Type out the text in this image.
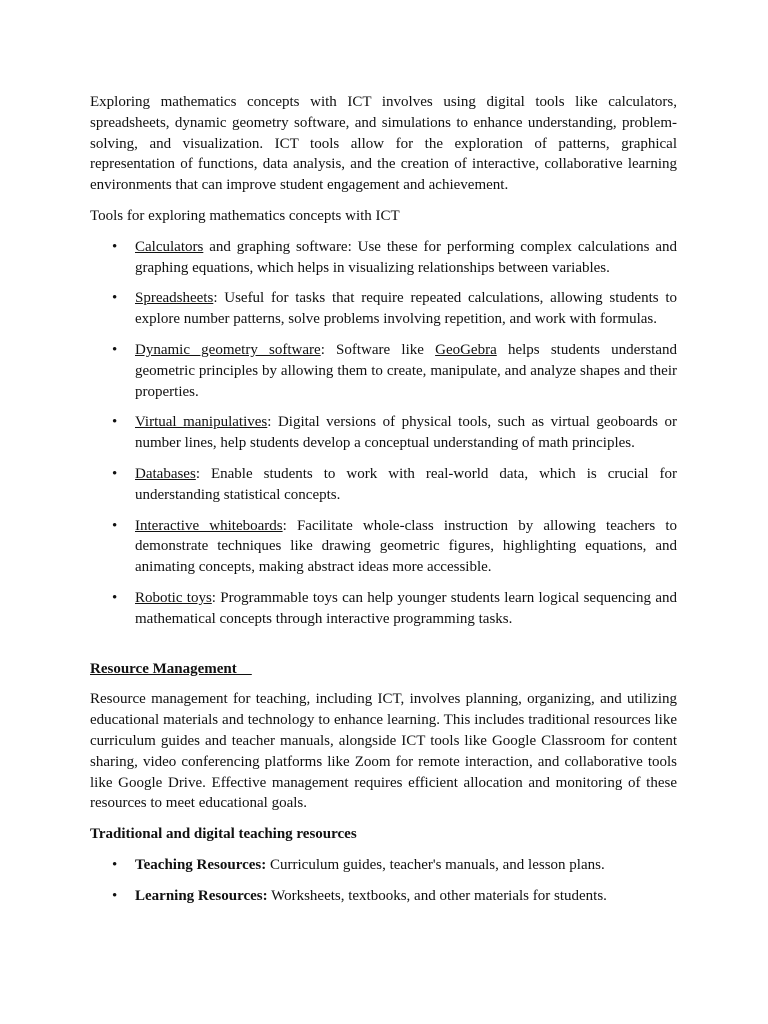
Exploring mathematics concepts with ICT involves using digital tools like calculators, spreadsheets, dynamic geometry software, and simulations to enhance understanding, problem-solving, and visualization. ICT tools allow for the exploration of patterns, graphical representation of functions, data analysis, and the creation of interactive, collaborative learning environments that can improve student engagement and achievement.

Tools for exploring mathematics concepts with ICT

• Calculators and graphing software: Use these for performing complex calculations and graphing equations, which helps in visualizing relationships between variables.
• Spreadsheets: Useful for tasks that require repeated calculations, allowing students to explore number patterns, solve problems involving repetition, and work with formulas.
• Dynamic geometry software: Software like GeoGebra helps students understand geometric principles by allowing them to create, manipulate, and analyze shapes and their properties.
• Virtual manipulatives: Digital versions of physical tools, such as virtual geoboards or number lines, help students develop a conceptual understanding of math principles.
• Databases: Enable students to work with real-world data, which is crucial for understanding statistical concepts.
• Interactive whiteboards: Facilitate whole-class instruction by allowing teachers to demonstrate techniques like drawing geometric figures, highlighting equations, and animating concepts, making abstract ideas more accessible.
• Robotic toys: Programmable toys can help younger students learn logical sequencing and mathematical concepts through interactive programming tasks.

Resource Management

Resource management for teaching, including ICT, involves planning, organizing, and utilizing educational materials and technology to enhance learning. This includes traditional resources like curriculum guides and teacher manuals, alongside ICT tools like Google Classroom for content sharing, video conferencing platforms like Zoom for remote interaction, and collaborative tools like Google Drive. Effective management requires efficient allocation and monitoring of these resources to meet educational goals.

Traditional and digital teaching resources

• Teaching Resources: Curriculum guides, teacher's manuals, and lesson plans.
• Learning Resources: Worksheets, textbooks, and other materials for students.
